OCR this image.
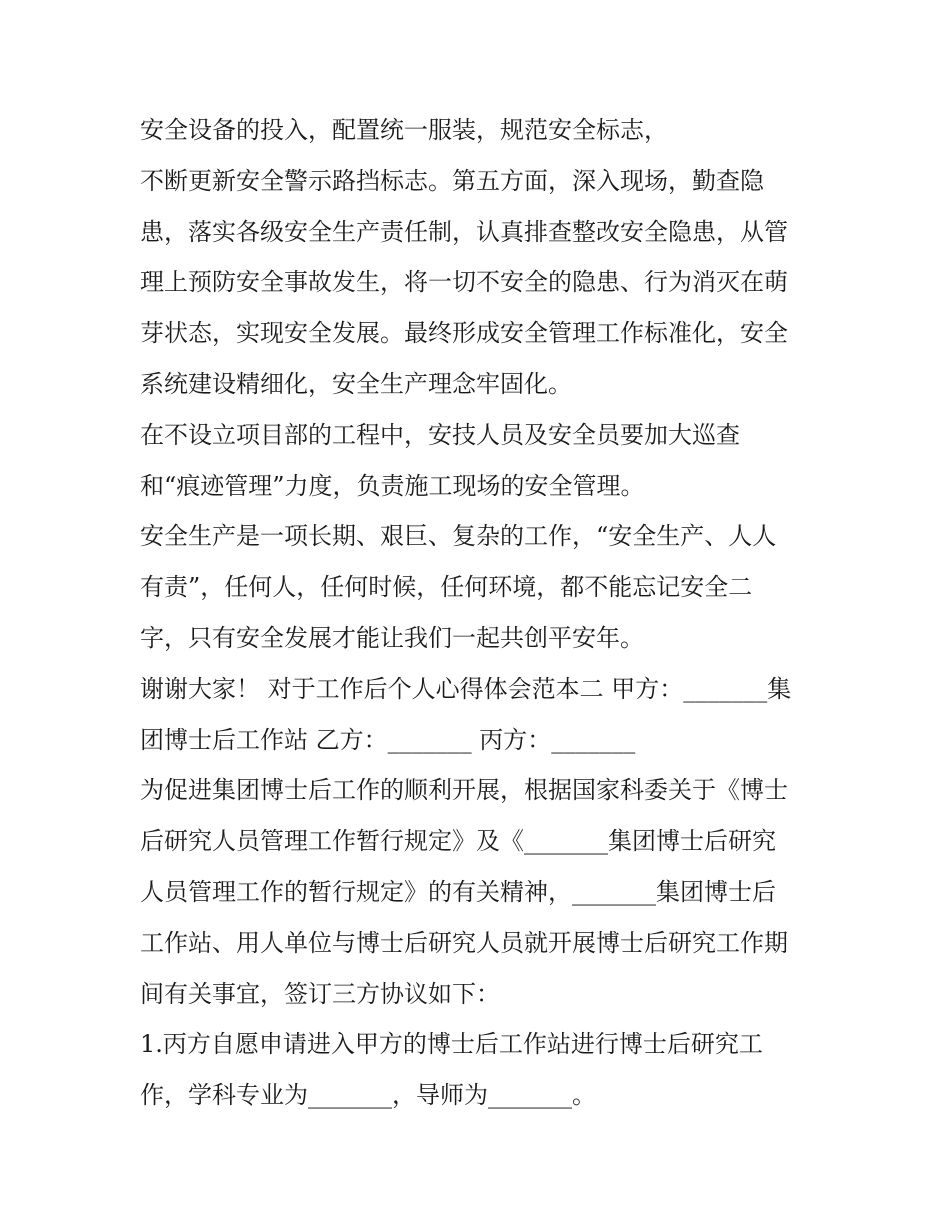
安全设备的投入，配置统一服装，规范安全标志，

不断更新安全警示路挡标志。第五方面，深入现场，勤查隐

患，落实各级安全生产责任制，认真排查整改安全隐患，从管

理上预防安全事故发生，将一切不安全的隐患、行为消灭在萌

芽状态，实现安全发展。最终形成安全管理工作标准化，安全

系统建设精细化，安全生产理念牢固化。

在不设立项目部的工程中，安技人员及安全员要加大巡查

和“痕迹管理”力度，负责施工现场的安全管理。

安全生产是一项长期、艰巨、复杂的工作，“安全生产、人人

有责”，任何人，任何时候，任何环境，都不能忘记安全二

字，只有安全发展才能让我们一起共创平安年。

谢谢大家！ 对于工作后个人心得体会范本二 甲方：_______集

团博士后工作站 乙方：_______ 丙方：_______

为促进集团博士后工作的顺利开展，根据国家科委关于《博士

后研究人员管理工作暂行规定》及《_______集团博士后研究

人员管理工作的暂行规定》的有关精神，_______集团博士后

工作站、用人单位与博士后研究人员就开展博士后研究工作期

间有关事宜，签订三方协议如下：

1.丙方自愿申请进入甲方的博士后工作站进行博士后研究工

作，学科专业为_______，导师为_______。
